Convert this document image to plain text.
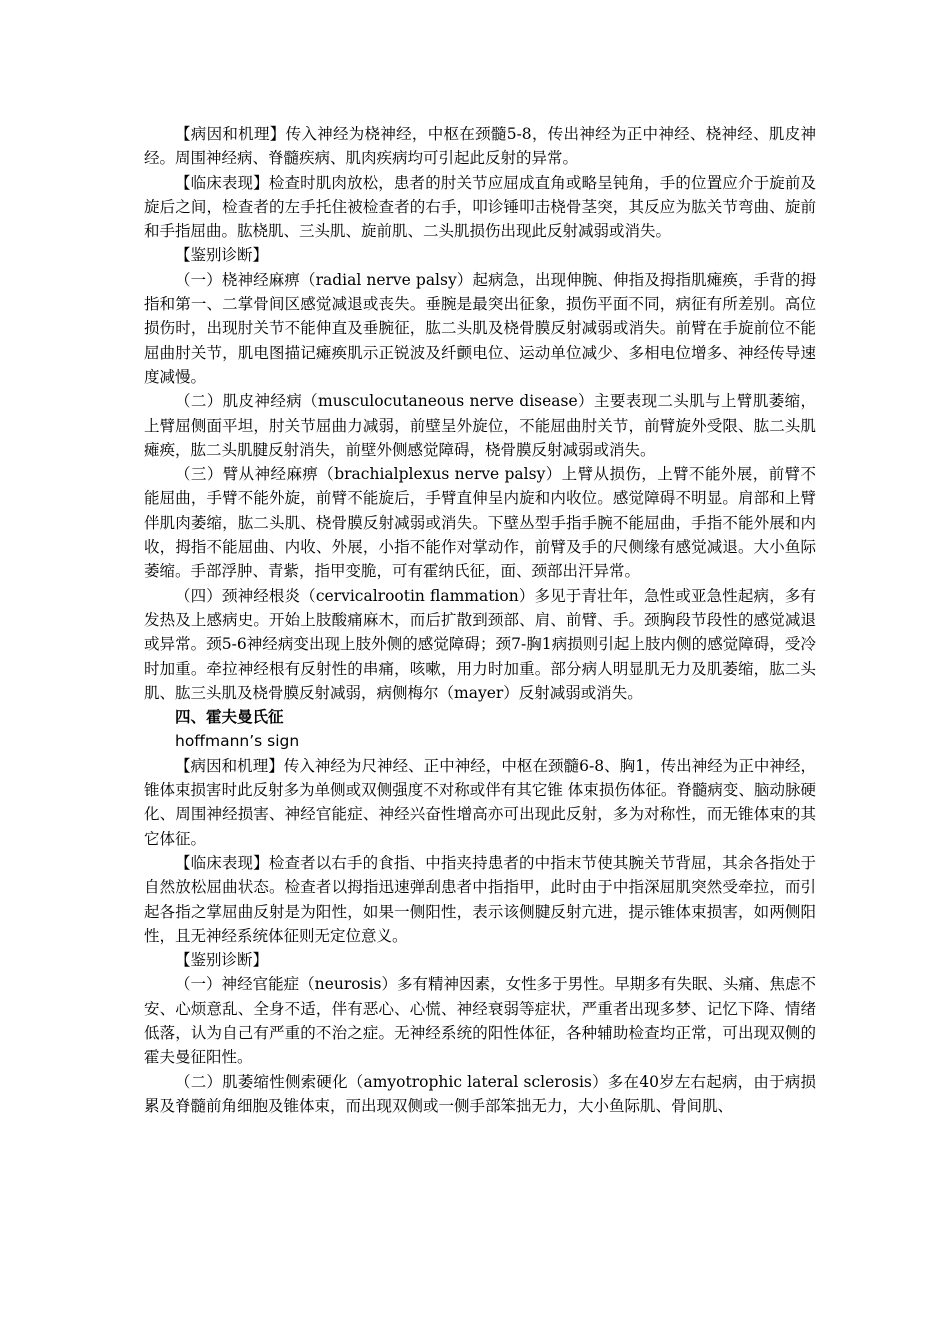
【病因和机理】传入神经为桡神经，中枢在颈髓5-8，传出神经为正中神经、桡神经、肌皮神经。周围神经病、脊髓疾病、肌肉疾病均可引起此反射的异常。

【临床表现】检查时肌肉放松，患者的肘关节应屈成直角或略呈钝角，手的位置应介于旋前及旋后之间，检查者的左手托住被检查者的右手，叩诊锤叩击桡骨茎突，其反应为肱关节弯曲、旋前和手指屈曲。肱桡肌、三头肌、旋前肌、二头肌损伤出现此反射减弱或消失。

【鉴别诊断】

（一）桡神经麻痹（radial nerve palsy）起病急，出现伸腕、伸指及拇指肌瘫痪，手背的拇指和第一、二掌骨间区感觉减退或丧失。垂腕是最突出征象，损伤平面不同，病征有所差别。高位损伤时，出现肘关节不能伸直及垂腕征，肱二头肌及桡骨膜反射减弱或消失。前臂在手旋前位不能屈曲肘关节，肌电图描记瘫痪肌示正锐波及纤颤电位、运动单位减少、多相电位增多、神经传导速度减慢。

（二）肌皮神经病（musculocutaneous nerve disease）主要表现二头肌与上臂肌萎缩，上臂屈侧面平坦，肘关节屈曲力减弱，前壁呈外旋位，不能屈曲肘关节，前臂旋外受限、肱二头肌瘫痪，肱二头肌腱反射消失，前壁外侧感觉障碍，桡骨膜反射减弱或消失。

（三）臂从神经麻痹（brachialplexus nerve palsy）上臂从损伤，上臂不能外展，前臂不能屈曲，手臂不能外旋，前臂不能旋后，手臂直伸呈内旋和内收位。感觉障碍不明显。肩部和上臂伴肌肉萎缩，肱二头肌、桡骨膜反射减弱或消失。下壁丛型手指手腕不能屈曲，手指不能外展和内收，拇指不能屈曲、内收、外展，小指不能作对掌动作，前臂及手的尺侧缘有感觉减退。大小鱼际萎缩。手部浮肿、青紫，指甲变脆，可有霍纳氏征，面、颈部出汗异常。

（四）颈神经根炎（cervicalrootin flammation）多见于青壮年，急性或亚急性起病，多有发热及上感病史。开始上肢酸痛麻木，而后扩散到颈部、肩、前臂、手。颈胸段节段性的感觉减退或异常。颈5-6神经病变出现上肢外侧的感觉障碍；颈7-胸1病损则引起上肢内侧的感觉障碍，受冷时加重。牵拉神经根有反射性的串痛，咳嗽，用力时加重。部分病人明显肌无力及肌萎缩，肱二头肌、肱三头肌及桡骨膜反射减弱，病侧梅尔（mayer）反射减弱或消失。

四、霍夫曼氏征

hoffmann’s sign

【病因和机理】传入神经为尺神经、正中神经，中枢在颈髓6-8、胸1，传出神经为正中神经，锥体束损害时此反射多为单侧或双侧强度不对称或伴有其它锥 体束损伤体征。脊髓病变、脑动脉硬化、周围神经损害、神经官能症、神经兴奋性增高亦可出现此反射，多为对称性，而无锥体束的其它体征。

【临床表现】检查者以右手的食指、中指夹持患者的中指末节使其腕关节背屈，其余各指处于自然放松屈曲状态。检查者以拇指迅速弹刮患者中指指甲，此时由于中指深屈肌突然受牵拉，而引起各指之掌屈曲反射是为阳性，如果一侧阳性，表示该侧腱反射亢进，提示锥体束损害，如两侧阳性，且无神经系统体征则无定位意义。

【鉴别诊断】

（一）神经官能症（neurosis）多有精神因素，女性多于男性。早期多有失眠、头痛、焦虑不安、心烦意乱、全身不适，伴有恶心、心慌、神经衰弱等症状，严重者出现多梦、记忆下降、情绪低落，认为自己有严重的不治之症。无神经系统的阳性体征，各种辅助检查均正常，可出现双侧的霍夫曼征阳性。

（二）肌萎缩性侧索硬化（amyotrophic lateral sclerosis）多在40岁左右起病，由于病损累及脊髓前角细胞及锥体束，而出现双侧或一侧手部笨拙无力，大小鱼际肌、骨间肌、
